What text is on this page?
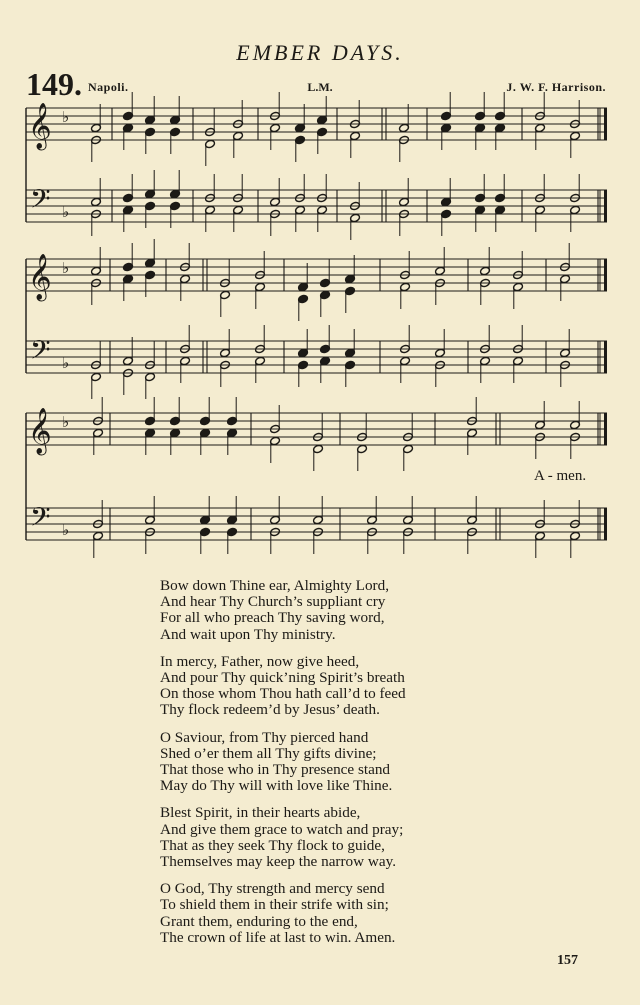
EMBER DAYS.
149. Napoli.	L.M.	J. W. F. Harrison.
𝄞 ♭
𝄢 ♭
𝄞 ♭
𝄢 ♭
𝄞 ♭
𝄢 ♭
A - men.
Bow down Thine ear, Almighty Lord,
And hear Thy Church’s suppliant cry
For all who preach Thy saving word,
And wait upon Thy ministry.
In mercy, Father, now give heed,
And pour Thy quick’ning Spirit’s breath
On those whom Thou hath call’d to feed
Thy flock redeem’d by Jesus’ death.
O Saviour, from Thy pierced hand
Shed o’er them all Thy gifts divine;
That those who in Thy presence stand
May do Thy will with love like Thine.
Blest Spirit, in their hearts abide,
And give them grace to watch and pray;
That as they seek Thy flock to guide,
Themselves may keep the narrow way.
O God, Thy strength and mercy send
To shield them in their strife with sin;
Grant them, enduring to the end,
The crown of life at last to win. Amen.
157
